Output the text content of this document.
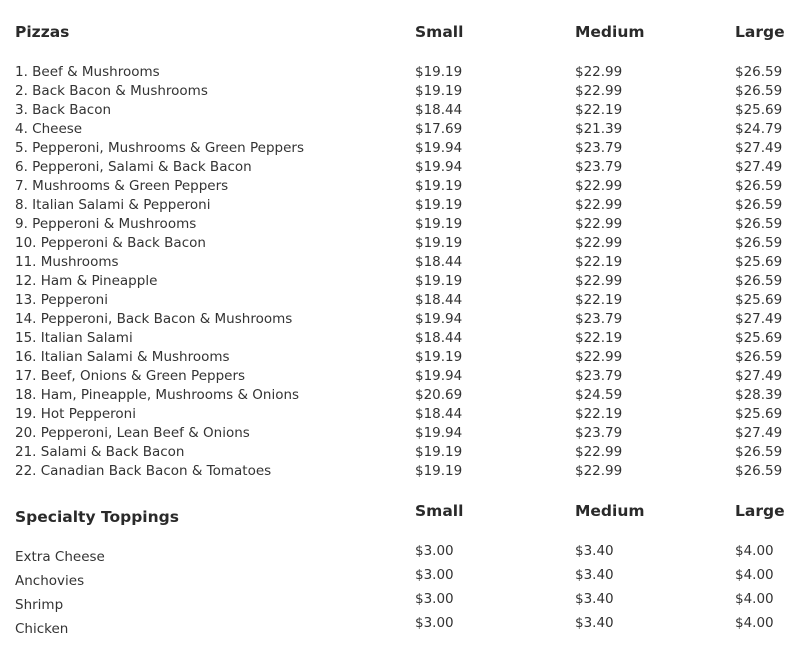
Pizzas	Small	Medium	Large
1. Beef & Mushrooms	$19.19	$22.99	$26.59
2. Back Bacon & Mushrooms	$19.19	$22.99	$26.59
3. Back Bacon	$18.44	$22.19	$25.69
4. Cheese	$17.69	$21.39	$24.79
5. Pepperoni, Mushrooms & Green Peppers	$19.94	$23.79	$27.49
6. Pepperoni, Salami & Back Bacon	$19.94	$23.79	$27.49
7. Mushrooms & Green Peppers	$19.19	$22.99	$26.59
8. Italian Salami & Pepperoni	$19.19	$22.99	$26.59
9. Pepperoni & Mushrooms	$19.19	$22.99	$26.59
10. Pepperoni & Back Bacon	$19.19	$22.99	$26.59
11. Mushrooms	$18.44	$22.19	$25.69
12. Ham & Pineapple	$19.19	$22.99	$26.59
13. Pepperoni	$18.44	$22.19	$25.69
14. Pepperoni, Back Bacon & Mushrooms	$19.94	$23.79	$27.49
15. Italian Salami	$18.44	$22.19	$25.69
16. Italian Salami & Mushrooms	$19.19	$22.99	$26.59
17. Beef, Onions & Green Peppers	$19.94	$23.79	$27.49
18. Ham, Pineapple, Mushrooms & Onions	$20.69	$24.59	$28.39
19. Hot Pepperoni	$18.44	$22.19	$25.69
20. Pepperoni, Lean Beef & Onions	$19.94	$23.79	$27.49
21. Salami & Back Bacon	$19.19	$22.99	$26.59
22. Canadian Back Bacon & Tomatoes	$19.19	$22.99	$26.59
Specialty Toppings	Small	Medium	Large
Extra Cheese	$3.00	$3.40	$4.00
Anchovies	$3.00	$3.40	$4.00
Shrimp	$3.00	$3.40	$4.00
Chicken	$3.00	$3.40	$4.00
